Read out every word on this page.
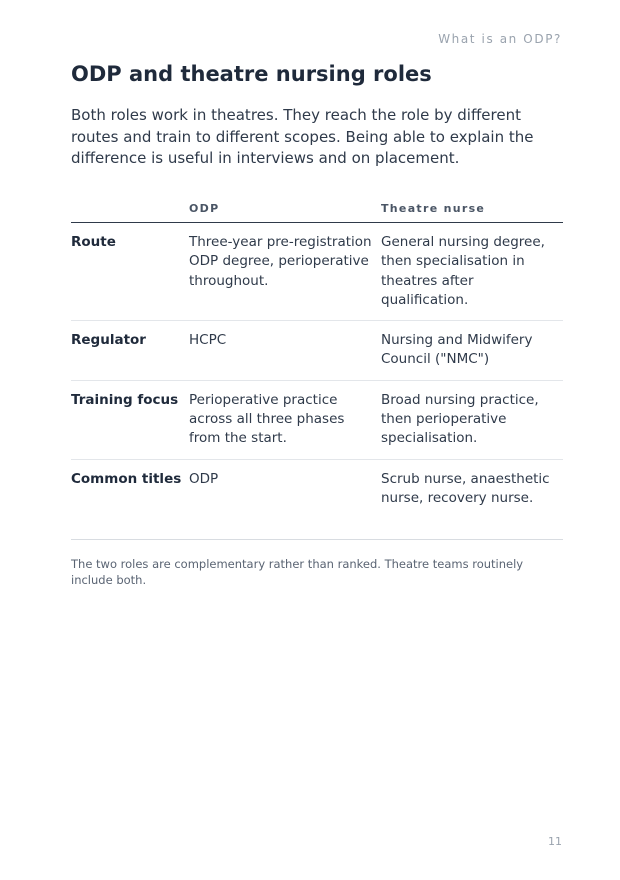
What is an ODP?
ODP and theatre nursing roles

Both roles work in theatres. They reach the role by different routes and train to different scopes. Being able to explain the difference is useful in interviews and on placement.

	ODP	Theatre nurse
Route	Three-year pre-registration ODP degree, perioperative throughout.	General nursing degree, then specialisation in theatres after qualification.
Regulator	HCPC	Nursing and Midwifery Council ("NMC")
Training focus	Perioperative practice across all three phases from the start.	Broad nursing practice, then perioperative specialisation.
Common titles	ODP	Scrub nurse, anaesthetic nurse, recovery nurse.

The two roles are complementary rather than ranked. Theatre teams routinely include both.

11
